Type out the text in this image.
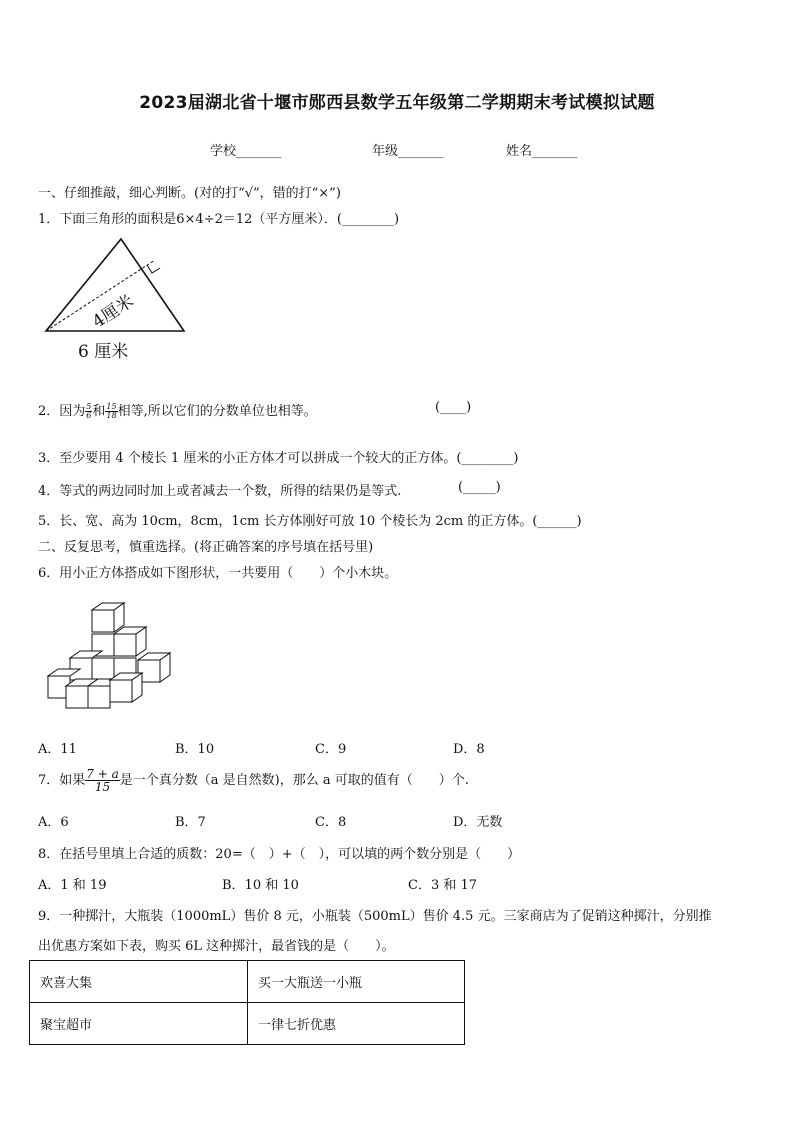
2023届湖北省十堰市郧西县数学五年级第二学期期末考试模拟试题
学校_______	年级_______	姓名_______
一、仔细推敲，细心判断。(对的打“√”，错的打“×”)
1．下面三角形的面积是6×4÷2＝12（平方厘米）．(________)
4厘米
6 厘米
2．因为 $\frac{5}{6}$ 和 $\frac{15}{18}$ 相等,所以它们的分数单位也相等。	(____)
3．至少要用 4 个棱长 1 厘米的小正方体才可以拼成一个较大的正方体。(________)
4．等式的两边同时加上或者减去一个数，所得的结果仍是等式.	(_____)
5．长、宽、高为 10cm，8cm，1cm 长方体刚好可放 10 个棱长为 2cm 的正方体。(______)
二、反复思考，慎重选择。(将正确答案的序号填在括号里)
6．用小正方体搭成如下图形状，一共要用（　　）个小木块。
A．11	B．10	C．9	D．8
7．如果 $\frac{7 + a}{15}$ 是一个真分数（a 是自然数)，那么 a 可取的值有（　　）个.
A．6	B．7	C．8	D．无数
8．在括号里填上合适的质数：20=（　）+（　），可以填的两个数分别是（　　）
A．1 和 19	B．10 和 10	C．3 和 17
9．一种掷汁，大瓶装（1000mL）售价 8 元，小瓶装（500mL）售价 4.5 元。三家商店为了促销这种掷汁，分别推
出优惠方案如下表，购买 6L 这种掷汁，最省钱的是（　　）。
欢喜大集	买一大瓶送一小瓶
聚宝超市	一律七折优惠
